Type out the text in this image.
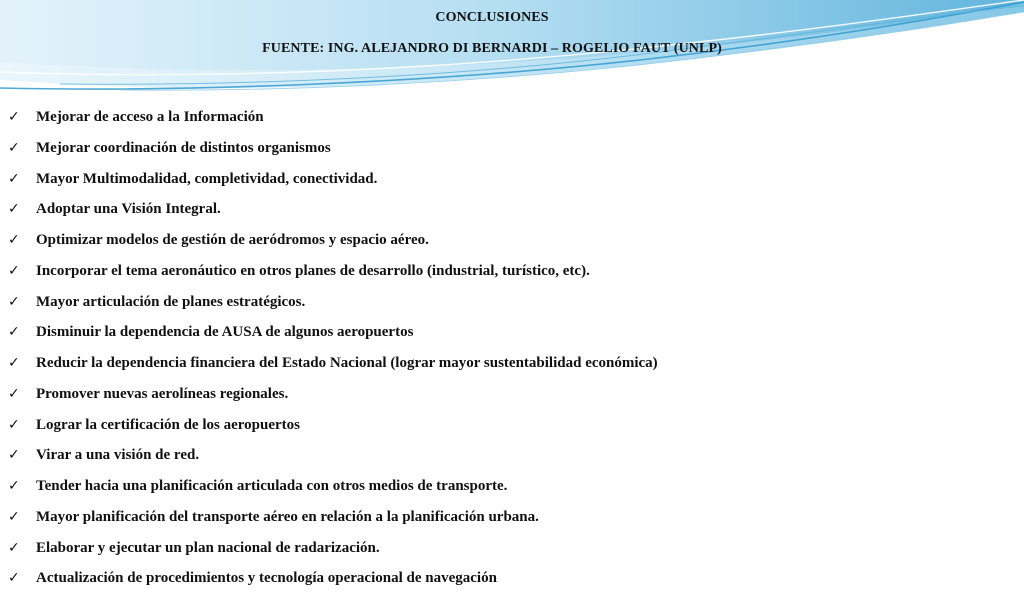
CONCLUSIONES
FUENTE: ING. ALEJANDRO DI BERNARDI – ROGELIO FAUT (UNLP)
✓ Mejorar de acceso a la Información
✓ Mejorar coordinación de distintos organismos
✓ Mayor Multimodalidad, completividad, conectividad.
✓ Adoptar una Visión Integral.
✓ Optimizar modelos de gestión de aeródromos y espacio aéreo.
✓ Incorporar el tema aeronáutico en otros planes de desarrollo (industrial, turístico, etc).
✓ Mayor articulación de planes estratégicos.
✓ Disminuir la dependencia de AUSA de algunos aeropuertos
✓ Reducir la dependencia financiera del Estado Nacional (lograr mayor sustentabilidad económica)
✓ Promover nuevas aerolíneas regionales.
✓ Lograr la certificación de los aeropuertos
✓ Virar a una visión de red.
✓ Tender hacia una planificación articulada con otros medios de transporte.
✓ Mayor planificación del transporte aéreo en relación a la planificación urbana.
✓ Elaborar y ejecutar un plan nacional de radarización.
✓ Actualización de procedimientos y tecnología operacional de navegación
